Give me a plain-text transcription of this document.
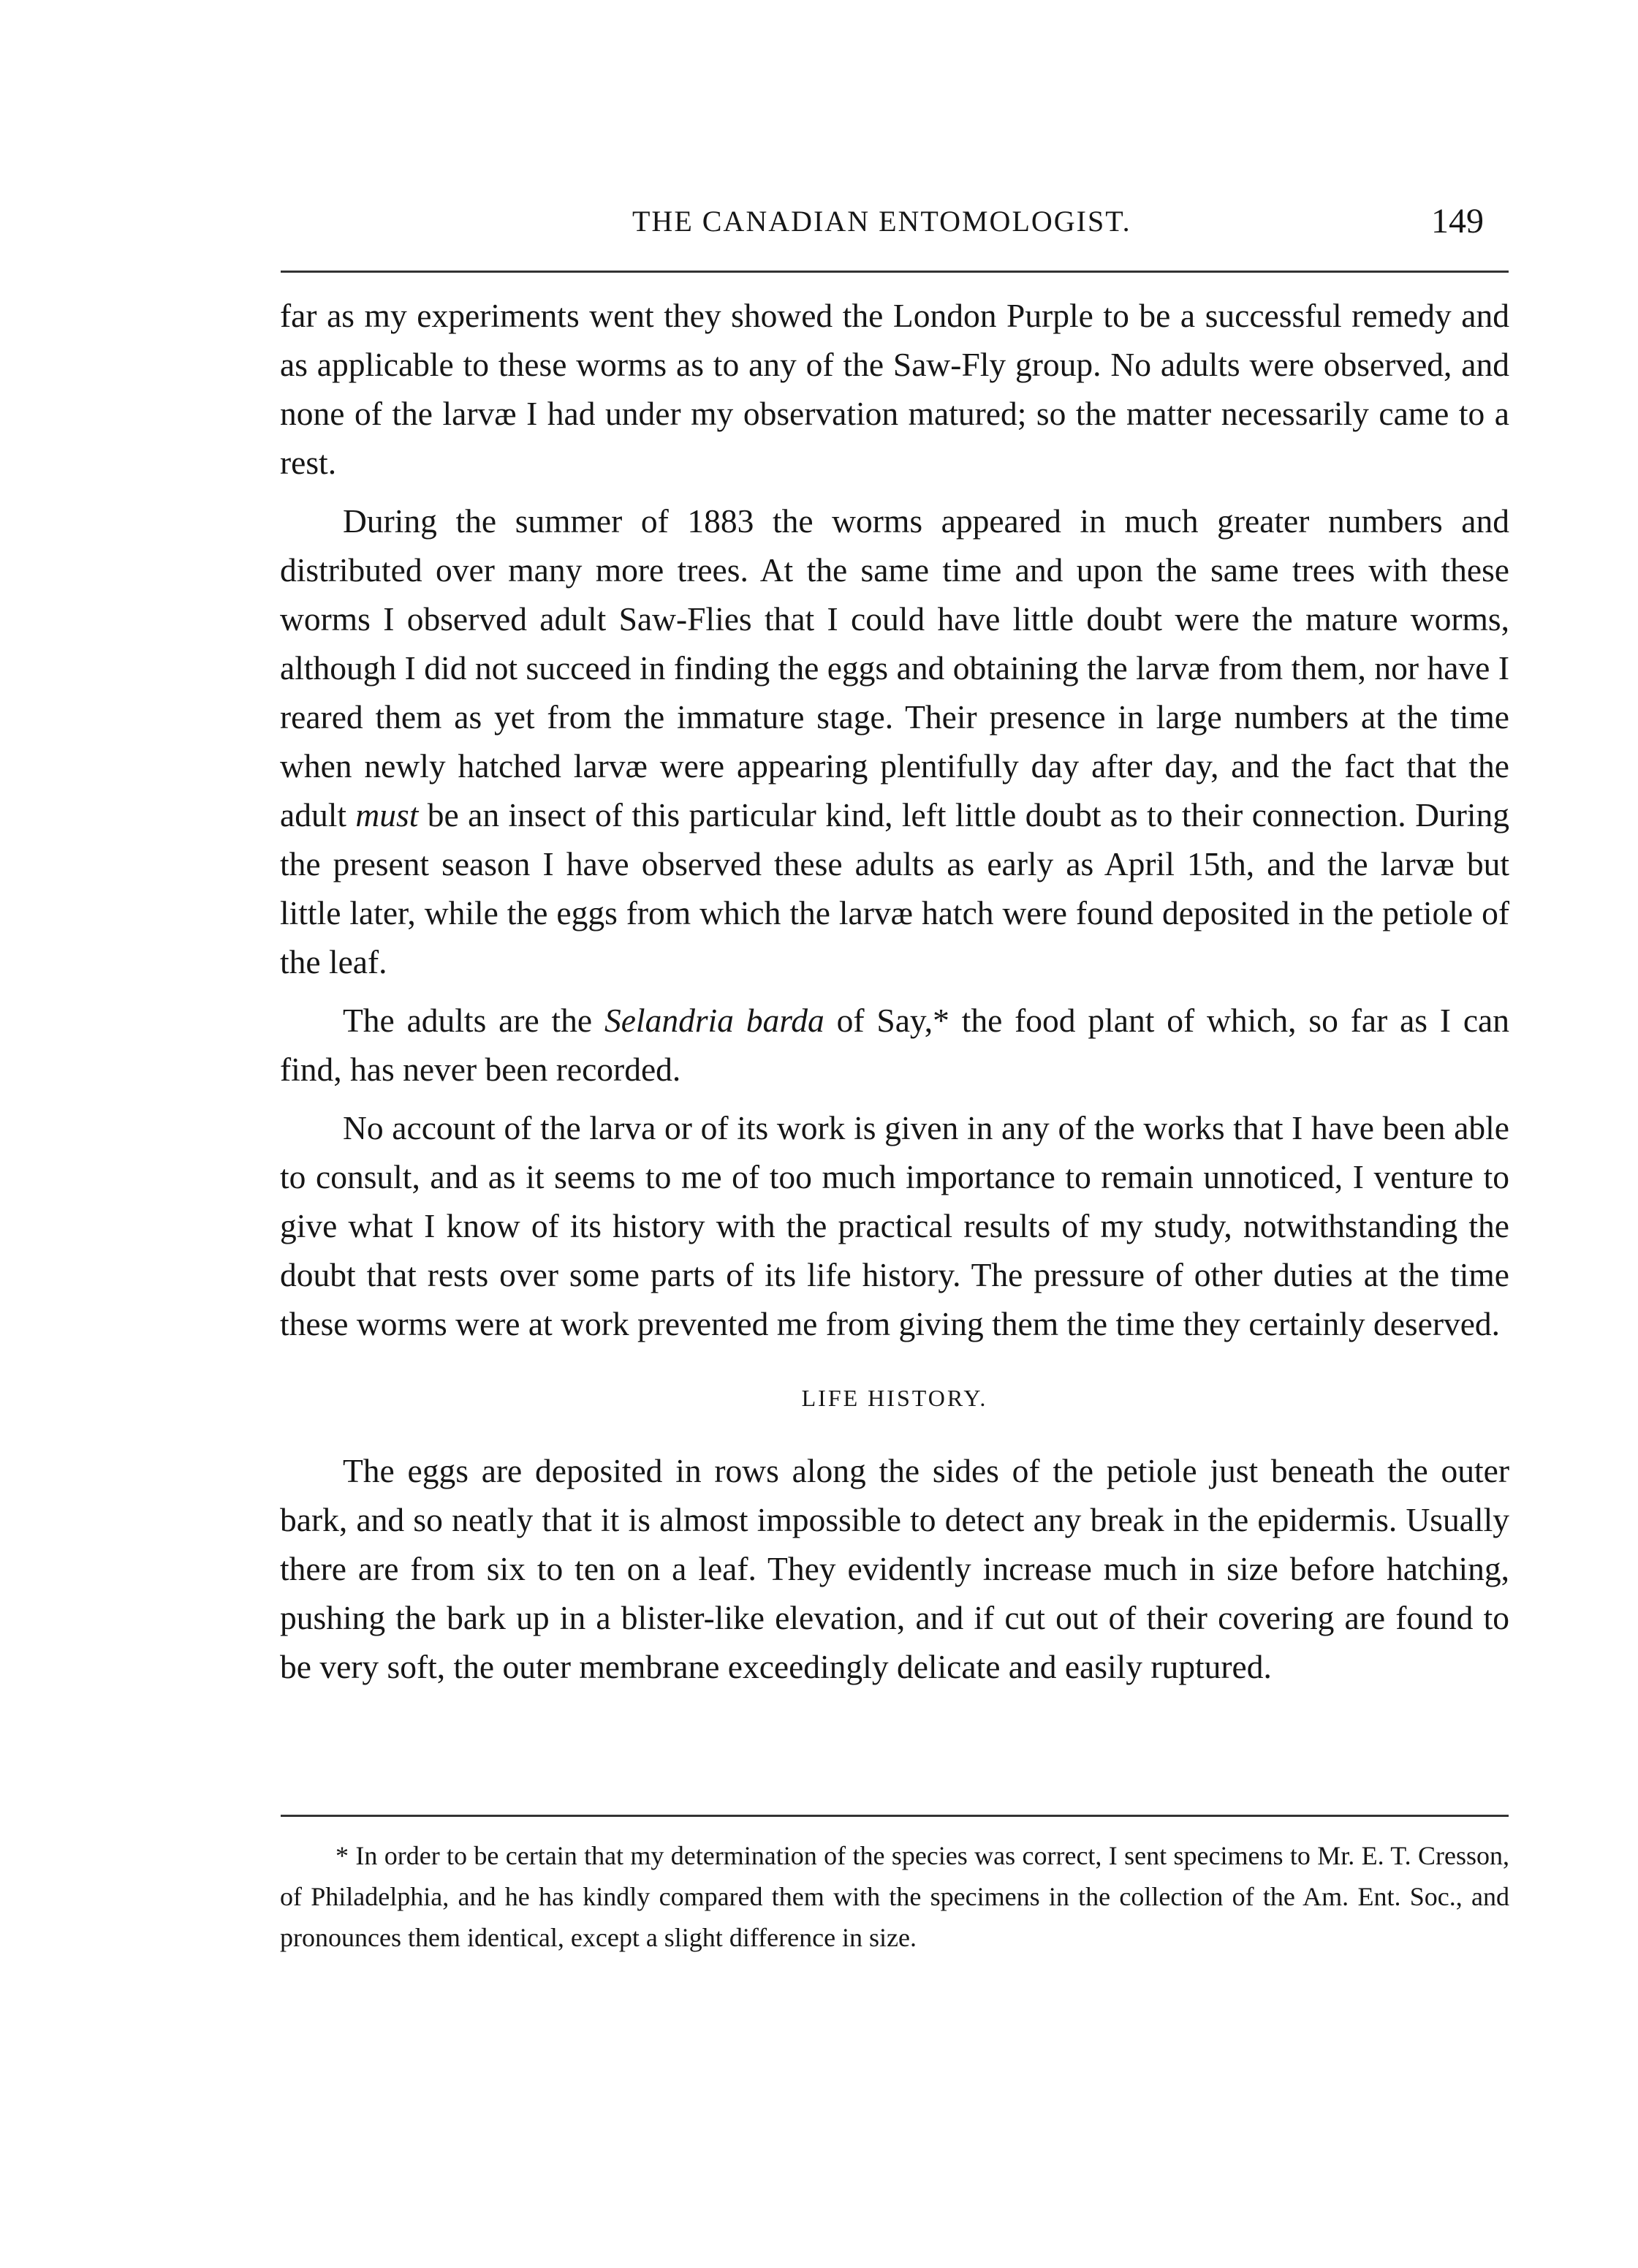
THE CANADIAN ENTOMOLOGIST.	149

far as my experiments went they showed the London Purple to be a successful remedy and as applicable to these worms as to any of the Saw-Fly group. No adults were observed, and none of the larvæ I had under my observation matured; so the matter necessarily came to a rest.

During the summer of 1883 the worms appeared in much greater numbers and distributed over many more trees. At the same time and upon the same trees with these worms I observed adult Saw-Flies that I could have little doubt were the mature worms, although I did not succeed in finding the eggs and obtaining the larvæ from them, nor have I reared them as yet from the immature stage. Their presence in large numbers at the time when newly hatched larvæ were appearing plentifully day after day, and the fact that the adult must be an insect of this particular kind, left little doubt as to their connection. During the present season I have observed these adults as early as April 15th, and the larvæ but little later, while the eggs from which the larvæ hatch were found deposited in the petiole of the leaf.

The adults are the Selandria barda of Say,* the food plant of which, so far as I can find, has never been recorded.

No account of the larva or of its work is given in any of the works that I have been able to consult, and as it seems to me of too much importance to remain unnoticed, I venture to give what I know of its history with the practical results of my study, notwithstanding the doubt that rests over some parts of its life history. The pressure of other duties at the time these worms were at work prevented me from giving them the time they certainly deserved.

LIFE HISTORY.

The eggs are deposited in rows along the sides of the petiole just beneath the outer bark, and so neatly that it is almost impossible to detect any break in the epidermis. Usually there are from six to ten on a leaf. They evidently increase much in size before hatching, pushing the bark up in a blister-like elevation, and if cut out of their covering are found to be very soft, the outer membrane exceedingly delicate and easily ruptured.

* In order to be certain that my determination of the species was correct, I sent specimens to Mr. E. T. Cresson, of Philadelphia, and he has kindly compared them with the specimens in the collection of the Am. Ent. Soc., and pronounces them identical, except a slight difference in size.
